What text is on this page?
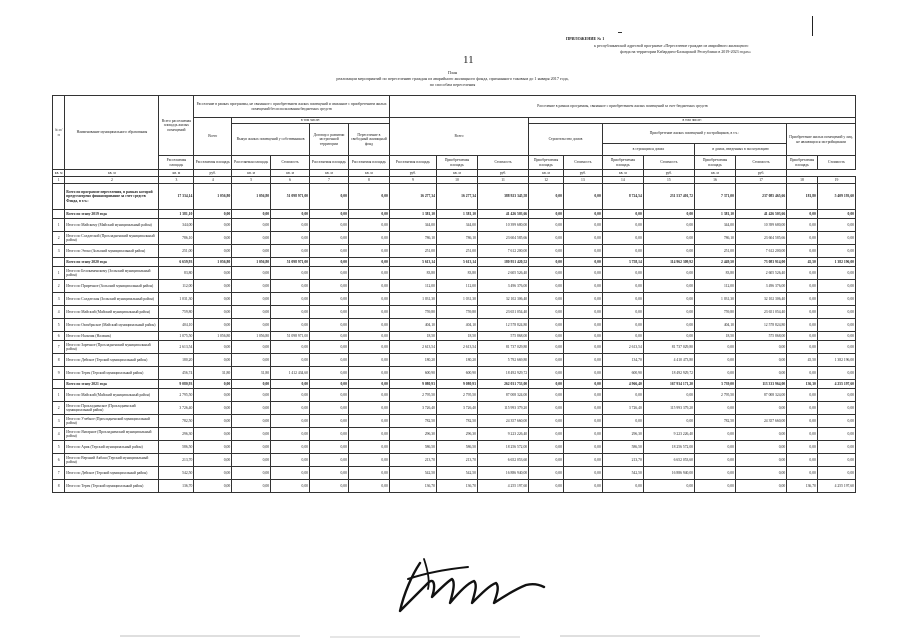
ПРИЛОЖЕНИЕ № 1
к республиканской адресной программе «Переселение граждан из аварийного жилищного
фонда на территории Кабардино-Балкарской Республики в 2019-2023 годах»
11
План
реализации мероприятий по переселению граждан из аварийного жилищного фонда, признанного таковым до 1 января 2017 года,
по способам переселения
№ п/п	Наименование муниципального образования	Всего расселяемая площадь жилых помещений	Расселение в рамках программы, не связанное с приобретением жилых помещений и связанное с приобретением жилых помещений без использования бюджетных средств					Расселение в рамках программы, связанное с приобретением жилых помещений за счет бюджетных средств										
			Всего	в том числе:				Всего			в том числе:							
				Выкуп жилых помещений у собственников		Договор о развитии застроенной территории	Переселение в свободный жилищный фонд				Строительство домов		Приобретение жилых помещений у застройщиков, в т.ч.:				Приобретение жилых помещений у лиц, не являющихся застройщиками	
													в строящихся домах		в домах, введенных в эксплуатацию			
		Расселяемая площадь	Расселяемая площадь	Расселяемая площадь	Стоимость	Расселяемая площадь	Расселяемая площадь	Расселяемая площадь	Приобретаемая площадь	Стоимость	Приобретаемая площадь	Стоимость	Приобретаемая площадь	Стоимость	Приобретаемая площадь	Стоимость	Приобретаемая площадь	Стоимость
кв. м	кв. м	кв. м	руб.	кв. м	кв. м	кв. м	кв. м	руб.	кв. м	руб.	кв. м	руб.	кв. м	руб.	кв. м	руб.		
1	2	3	4	5	6	7	8	9	10	11	12	13	14	15	16	17	18	19
	Всего по программе переселения, в рамках которой предусмотрено финансирование за счет средств Фонда, в т.ч.:	17 334,14	1 056,80	1 056,80	51 098 971,00	0,00	0,00	16 277,34	16 277,34	388 923 345,58	0,00	0,00	8 724,54	231 537 401,72	7 371,00	237 085 465,66	181,80	5 409 193,60
	Всего по этапу 2019 года	1 381,10	0,00	0,00	0,00	0,00	0,00	1 381,10	1 381,10	41 426 503,66	0,00	0,00	0,00	0,00	1 381,10	41 426 503,66	0,00	0,00
1	Итого по Майскому (Майский муниципальный район)	344,00	0,00	0,00	0,00	0,00	0,00	344,00	344,00	10 399 680,00	0,00	0,00	0,00	0,00	344,00	10 399 680,00	0,00	0,00
2	Итого по Солдатской (Прохладненский муниципальный район)	786,10	0,00	0,00	0,00	0,00	0,00	786,10	786,10	23 604 585,66	0,00	0,00	0,00	0,00	786,10	23 604 585,66	0,00	0,00
3	Итого по Этоко (Зольский муниципальный район)	251,00	0,00	0,00	0,00	0,00	0,00	251,00	251,00	7 612 200,00	0,00	0,00	0,00	0,00	251,00	7 612 200,00	0,00	0,00
	Всего по этапу 2020 года	6 659,93	1 056,80	1 056,80	51 098 971,00	0,00	0,00	5 613,14	5 613,14	180 951 420,52	0,00	0,00	3 758,14	114 962 309,92	2 449,50	73 083 914,00	45,50	1 382 196,00
1	Итого по Белокаменскому (Зольский муниципальный район)	83,80	0,00	0,00	0,00	0,00	0,00	83,80	83,80	2 605 526,40	0,00	0,00	0,00	0,00	83,80	2 605 526,40	0,00	0,00
2	Итого по Приречное (Зольский муниципальный район)	112,00	0,00	0,00	0,00	0,00	0,00	112,00	112,00	3 496 376,00	0,00	0,00	0,00	0,00	112,00	3 496 376,00	0,00	0,00
3	Итого по Солдатская (Зольский муниципальный район)	1 031,30	0,00	0,00	0,00	0,00	0,00	1 031,30	1 031,30	32 102 306,40	0,00	0,00	0,00	0,00	1 031,30	32 102 306,40	0,00	0,00
4	Итого по Майский (Майский муниципальный район)	759,80	0,00	0,00	0,00	0,00	0,00	759,80	759,80	23 651 054,40	0,00	0,00	0,00	0,00	759,80	23 651 054,40	0,00	0,00
5	Итого по Октябрьское (Майский муниципальный район)	404,10	0,00	0,00	0,00	0,00	0,00	404,10	404,10	12 578 824,80	0,00	0,00	0,00	0,00	404,10	12 578 824,80	0,00	0,00
6	Итого по Нальчик (Нальчик)	1 075,50	1 056,80	1 056,80	51 098 971,00	0,00	0,00	18,50	18,50	575 868,00	0,00	0,00	0,00	0,00	18,50	575 868,00	0,00	0,00
7	Итого по Заречное (Прохладненский муниципальный район)	2 613,54	0,00	0,00	0,00	0,00	0,00	2 613,54	2 613,54	81 737 029,80	0,00	0,00	2 613,54	81 737 029,80	0,00	0,00	0,00	0,00
8	Итого по Дейское (Терский муниципальный район)	180,20	0,00	0,00	0,00	0,00	0,00	180,20	180,20	5 792 669,80	0,00	0,00	134,70	4 410 473,80	0,00	0,00	45,50	1 382 196,00
9	Итого по Терек (Терский муниципальный район)	456,74	31,80	31,80	1 412 434,60	0,00	0,00	600,90	600,90	18 492 929,72	0,00	0,00	600,90	18 492 929,72	0,00	0,00	0,00	0,00
	Всего по этапу 2021 года	9 080,93	0,00	0,00	0,00	0,00	0,00	9 080,93	9 080,93	262 031 753,00	0,00	0,00	4 966,40	167 934 171,20	3 739,00	113 333 964,00	136,30	4 255 197,60
1	Итого по Майский (Майский муниципальный район)	2 795,50	0,00	0,00	0,00	0,00	0,00	2 795,50	2 795,50	87 008 324,00	0,00	0,00	0,00	0,00	2 795,50	87 008 324,00	0,00	0,00
2	Итого по Прохладненское (Прохладненский муниципальный район)	3 726,40	0,00	0,00	0,00	0,00	0,00	3 726,40	3 726,40	115 993 379,20	0,00	0,00	3 726,40	115 993 379,20	0,00	0,00	0,00	0,00
3	Итого по Учебное (Прохладненский муниципальный район)	782,50	0,00	0,00	0,00	0,00	0,00	782,50	782,50	24 357 660,00	0,00	0,00	0,00	0,00	782,50	24 357 660,00	0,00	0,00
4	Итого по Янтарное (Прохладненский муниципальный район)	296,30	0,00	0,00	0,00	0,00	0,00	296,30	296,30	9 223 226,40	0,00	0,00	296,30	9 223 226,40	0,00	0,00	0,00	0,00
5	Итого по Арик (Терский муниципальный район)	586,50	0,00	0,00	0,00	0,00	0,00	586,50	586,50	18 256 572,00	0,00	0,00	586,50	18 256 572,00	0,00	0,00	0,00	0,00
6	Итого по Верхний Акбаш (Терский муниципальный район)	213,70	0,00	0,00	0,00	0,00	0,00	213,70	213,70	6 652 053,60	0,00	0,00	213,70	6 652 053,60	0,00	0,00	0,00	0,00
7	Итого по Дейское (Терский муниципальный район)	542,50	0,00	0,00	0,00	0,00	0,00	542,50	542,50	16 886 940,00	0,00	0,00	542,50	16 886 940,00	0,00	0,00	0,00	0,00
8	Итого по Терек (Терский муниципальный район)	136,70	0,00	0,00	0,00	0,00	0,00	136,70	136,70	4 255 197,60	0,00	0,00	0,00	0,00	0,00	0,00	136,70	4 255 197,60
